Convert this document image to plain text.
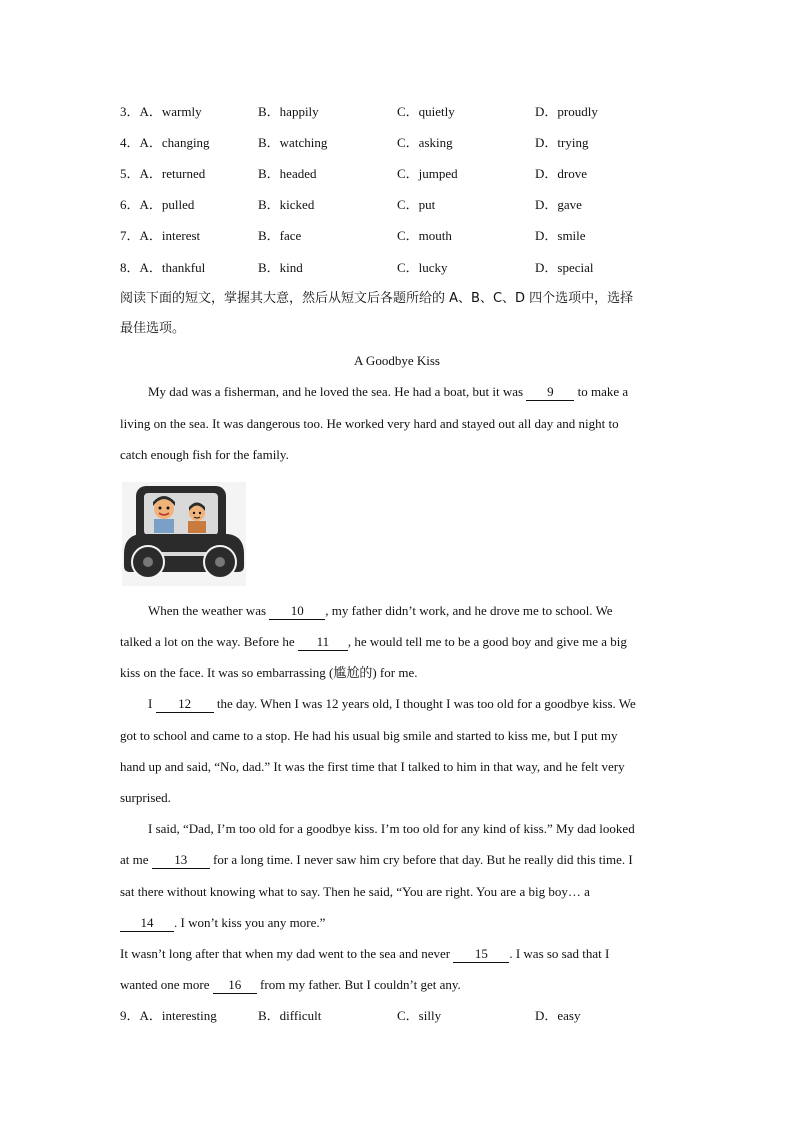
3．A．warmly	B．happily	C．quietly	D．proudly
4．A．changing	B．watching	C．asking	D．trying
5．A．returned	B．headed	C．jumped	D．drove
6．A．pulled	B．kicked	C．put	D．gave
7．A．interest	B．face	C．mouth	D．smile
8．A．thankful	B．kind	C．lucky	D．special
阅读下面的短文，掌握其大意，然后从短文后各题所给的 A、B、C、D 四个选项中，选择
最佳选项。
A Goodbye Kiss
My dad was a fisherman, and he loved the sea. He had a boat, but it was 9 to make a
living on the sea. It was dangerous too. He worked very hard and stayed out all day and night to
catch enough fish for the family.
When the weather was 10 , my father didn’t work, and he drove me to school. We
talked a lot on the way. Before he 11 , he would tell me to be a good boy and give me a big
kiss on the face. It was so embarrassing (尴尬的) for me.
I 12 the day. When I was 12 years old, I thought I was too old for a goodbye kiss. We
got to school and came to a stop. He had his usual big smile and started to kiss me, but I put my
hand up and said, “No, dad.” It was the first time that I talked to him in that way, and he felt very
surprised.
I said, “Dad, I’m too old for a goodbye kiss. I’m too old for any kind of kiss.” My dad looked
at me 13 for a long time. I never saw him cry before that day. But he really did this time. I
sat there without knowing what to say. Then he said, “You are right. You are a big boy… a
14 . I won’t kiss you any more.”
It wasn’t long after that when my dad went to the sea and never 15 . I was so sad that I
wanted one more 16 from my father. But I couldn’t get any.
9．A．interesting	B．difficult	C．silly	D．easy
